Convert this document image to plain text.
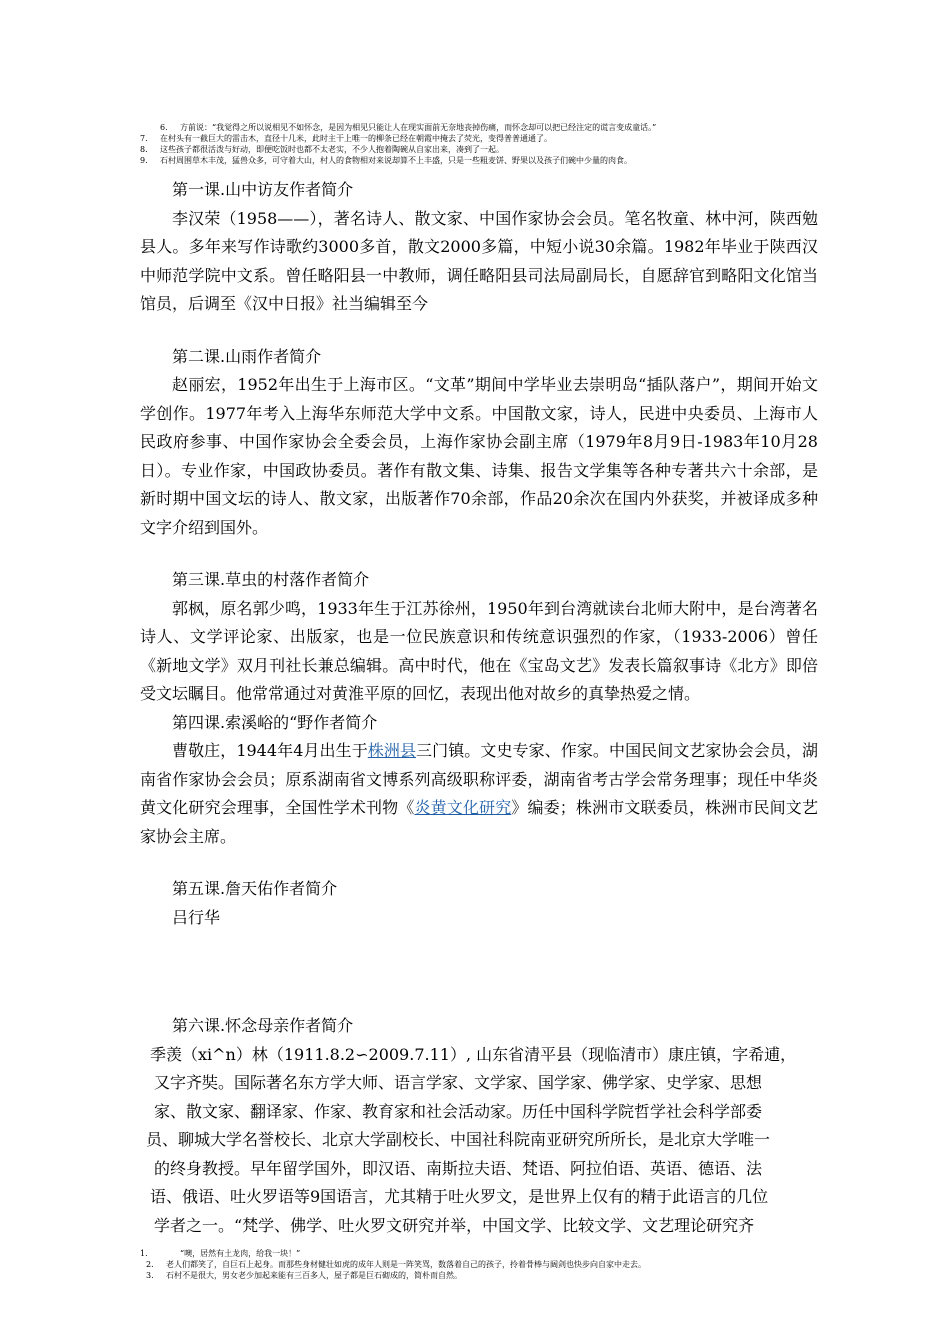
6. 方前说：“我觉得之所以说相见不如怀念，是因为相见只能让人在现实面前无奈地丧掉伤痛，而怀念却可以把已经注定的谎言变成童话。”
7. 在村头有一截巨大的雷击木，直径十几米，此时主干上唯一的柳条已经在朝霞中掩去了荧光，变得普普通通了。
8. 这些孩子都很活泼与好动，即便吃饭时也都不太老实，不少人抱着陶碗从自家出来，凑到了一起。
9. 石村周围草木丰茂，猛兽众多，可守着大山，村人的食物相对来说却算不上丰盛，只是一些粗麦饼、野果以及孩子们碗中少量的肉食。

第一课.山中访友作者简介

李汉荣（1958——），著名诗人、散文家、中国作家协会会员。笔名牧童、林中河，陕西勉县人。多年来写作诗歌约3000多首，散文2000多篇，中短小说30余篇。1982年毕业于陕西汉中师范学院中文系。曾任略阳县一中教师，调任略阳县司法局副局长，自愿辞官到略阳文化馆当馆员，后调至《汉中日报》社当编辑至今

第二课.山雨作者简介

赵丽宏，1952年出生于上海市区。“文革”期间中学毕业去崇明岛“插队落户”，期间开始文学创作。1977年考入上海华东师范大学中文系。中国散文家，诗人，民进中央委员、上海市人民政府参事、中国作家协会全委会员，上海作家协会副主席（1979年8月9日-1983年10月28日）。专业作家，中国政协委员。著作有散文集、诗集、报告文学集等各种专著共六十余部，是新时期中国文坛的诗人、散文家，出版著作70余部，作品20余次在国内外获奖，并被译成多种文字介绍到国外。

第三课.草虫的村落作者简介

郭枫，原名郭少鸣，1933年生于江苏徐州，1950年到台湾就读台北师大附中，是台湾著名诗人、文学评论家、出版家，也是一位民族意识和传统意识强烈的作家，（1933-2006）曾任《新地文学》双月刊社长兼总编辑。高中时代，他在《宝岛文艺》发表长篇叙事诗《北方》即倍受文坛瞩目。他常常通过对黄淮平原的回忆，表现出他对故乡的真挚热爱之情。

第四课.索溪峪的“野作者简介

曹敬庄，1944年4月出生于株洲县三门镇。文史专家、作家。中国民间文艺家协会会员，湖南省作家协会会员；原系湖南省文博系列高级职称评委，湖南省考古学会常务理事；现任中华炎黄文化研究会理事，全国性学术刊物《炎黄文化研究》编委；株洲市文联委员，株洲市民间文艺家协会主席。

第五课.詹天佑作者简介

吕行华

第六课.怀念母亲作者简介

季羡（xi^n）林（1911.8.2∽2009.7.11）, 山东省清平县（现临清市）康庄镇，字希逋，
又字齐奘。国际著名东方学大师、语言学家、文学家、国学家、佛学家、史学家、思想
家、散文家、翻译家、作家、教育家和社会活动家。历任中国科学院哲学社会科学部委
员、聊城大学名誉校长、北京大学副校长、中国社科院南亚研究所所长，是北京大学唯一
的终身教授。早年留学国外，即汉语、南斯拉夫语、梵语、阿拉伯语、英语、德语、法
语、俄语、吐火罗语等9国语言，尤其精于吐火罗文，是世界上仅有的精于此语言的几位
学者之一。“梵学、佛学、吐火罗文研究并举，中国文学、比较文学、文艺理论研究齐
1.	“噢，居然有土龙肉，给我一块！”
2. 老人们都笑了，自巨石上起身。而那些身材健壮如虎的成年人则是一阵笑骂，数落着自己的孩子，拎着骨棒与阔剑也快步向自家中走去。
3. 石村不是很大，男女老少加起来能有三百多人，屋子都是巨石砌成的，简朴而自然。
